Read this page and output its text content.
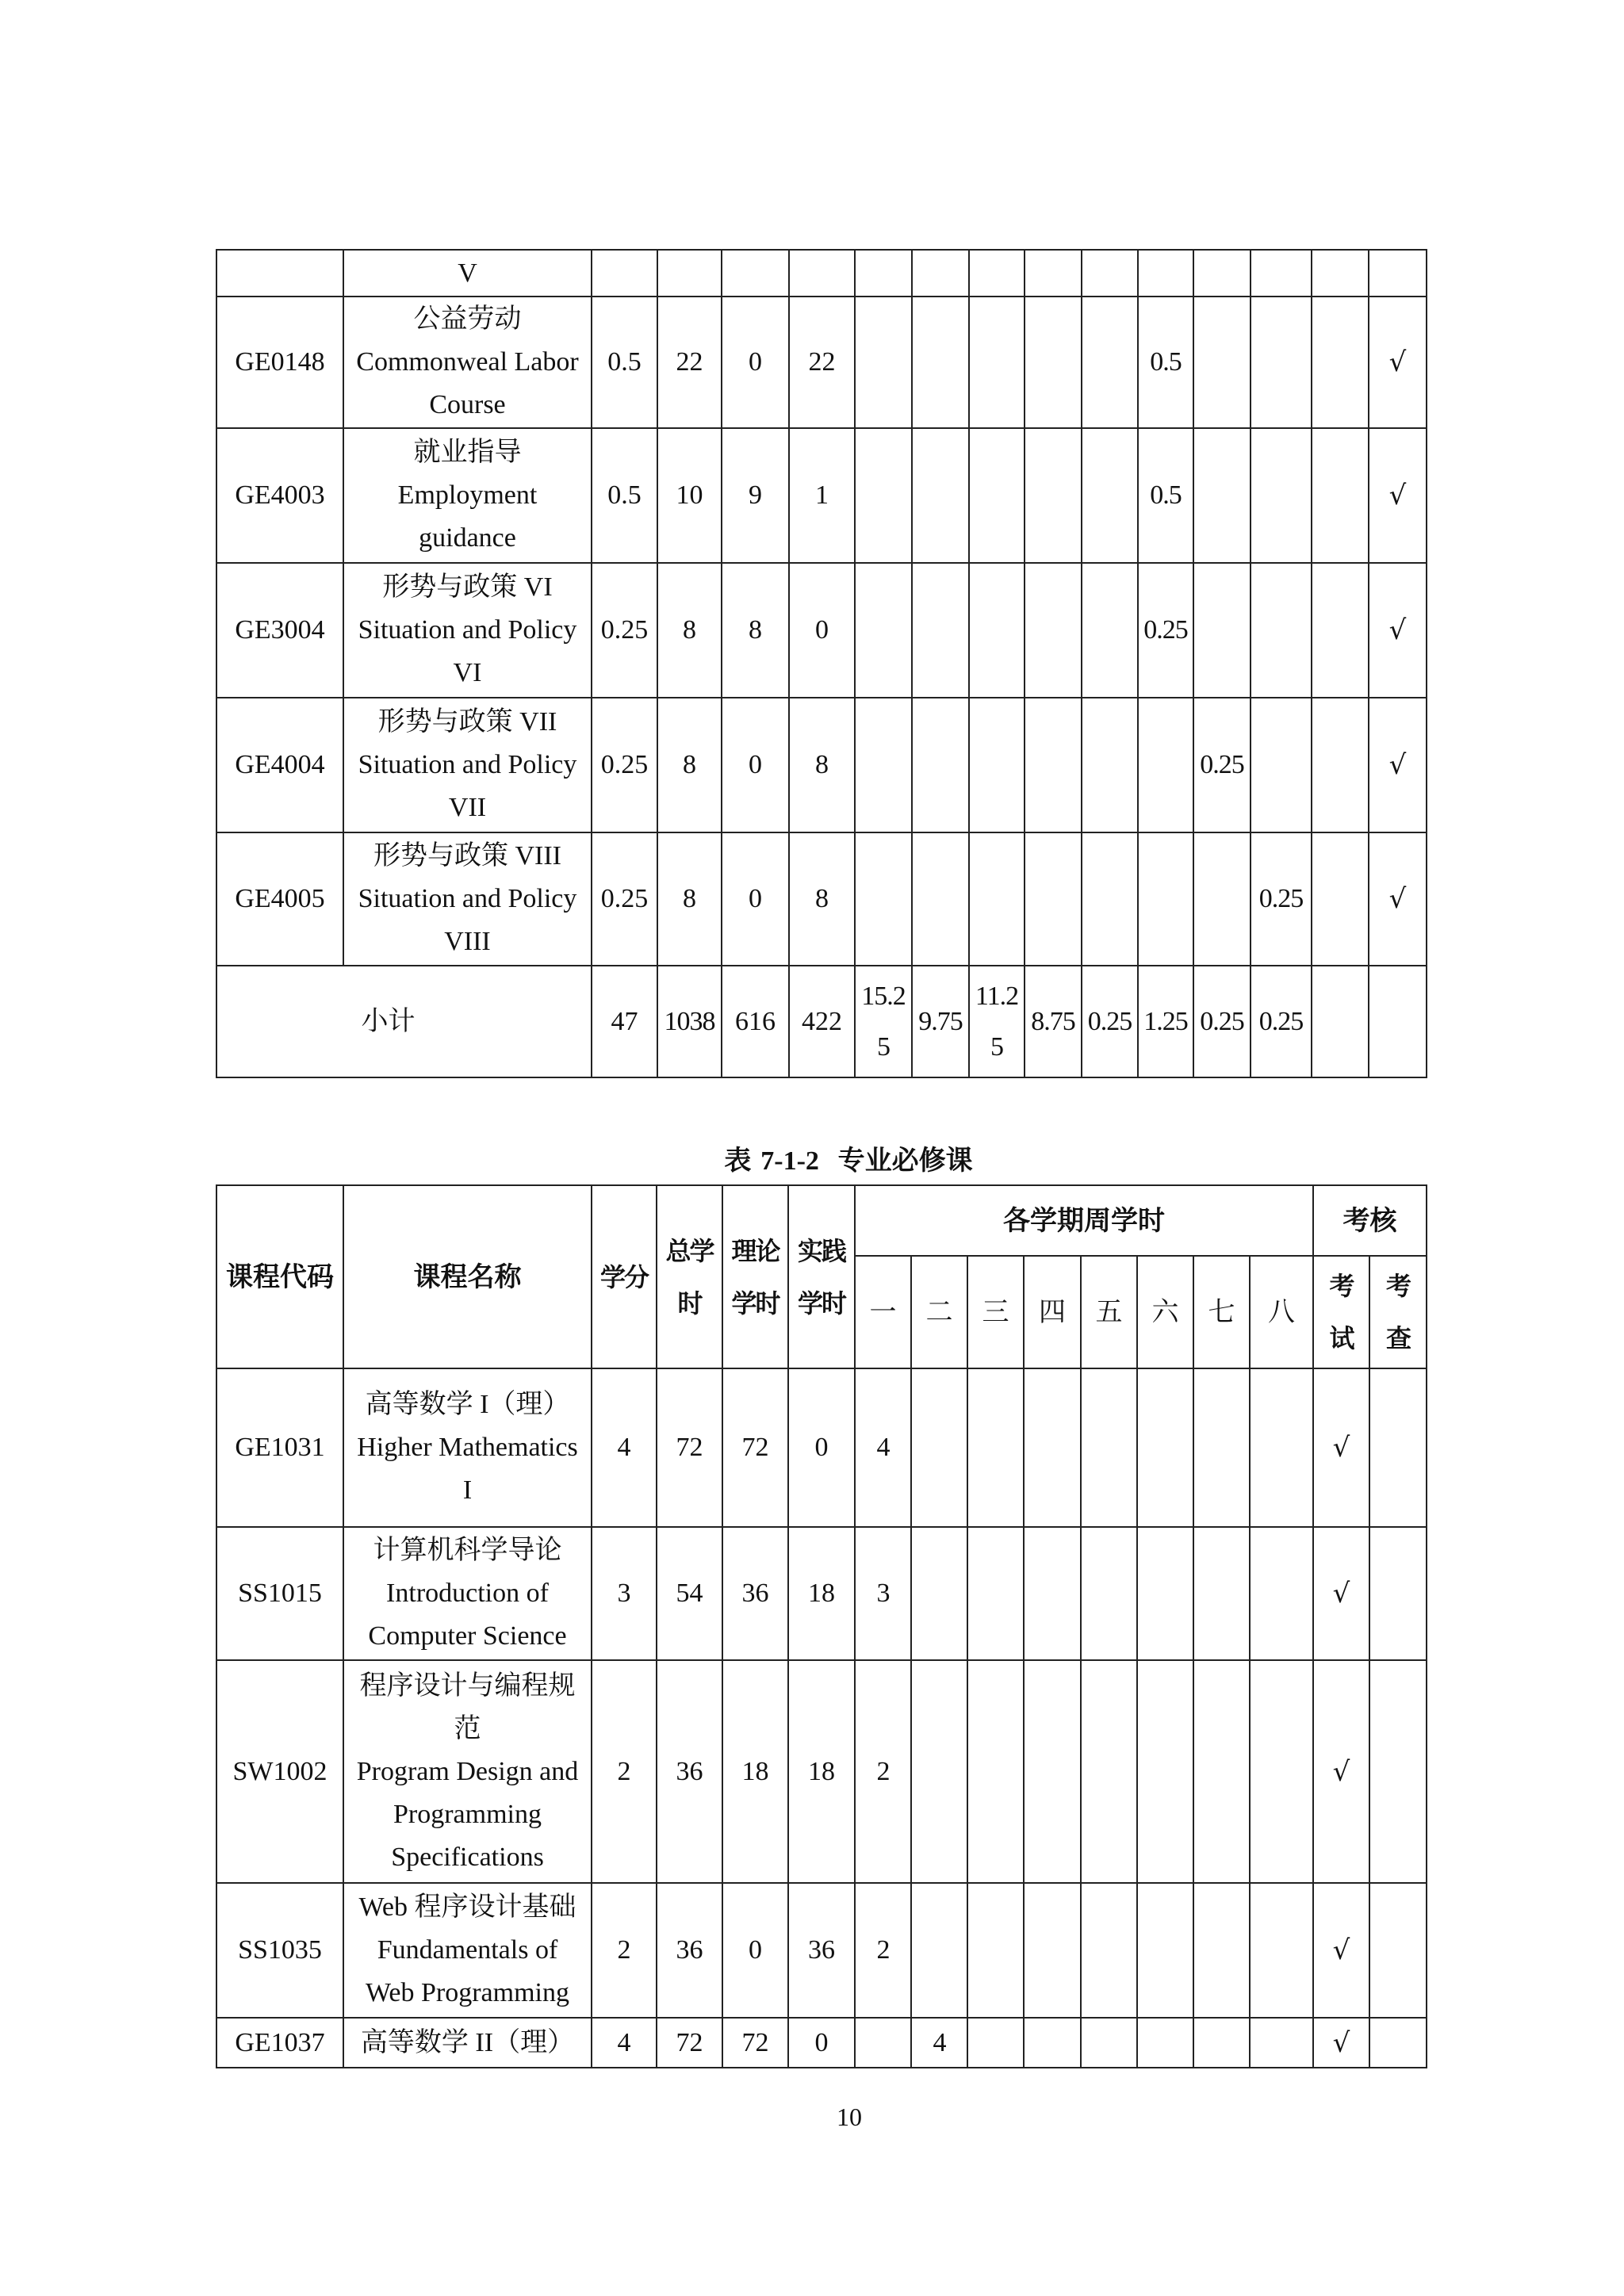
	V														

GE0148	公益劳动
Commonweal Labor
Course	0.5	22	0	22						0.5				√
GE4003	就业指导
Employment
guidance	0.5	10	9	1						0.5				√
GE3004	形势与政策 VI
Situation and Policy
VI	0.25	8	8	0						0.25				√
GE4004	形势与政策 VII
Situation and Policy
VII	0.25	8	0	8							0.25			√
GE4005	形势与政策 VIII
Situation and Policy
VIII	0.25	8	0	8								0.25		√
小计		47	1038	616	422	15.2
5	9.75	11.2
5	8.75	0.25	1.25	0.25	0.25		

表 7-1-2 专业必修课
课程代码	课程名称	学分	总学
时	理论
学时	实践
学时	各学期周学时								考核	
						一	二	三	四	五	六	七	八	考
试	考
查

GE1031	高等数学 I（理）
Higher Mathematics
I	4	72	72	0	4								√	
SS1015	计算机科学导论
Introduction of
Computer Science	3	54	36	18	3								√	
SW1002	程序设计与编程规
范
Program Design and
Programming
Specifications	2	36	18	18	2								√	
SS1035	Web 程序设计基础
Fundamentals of
Web Programming	2	36	0	36	2								√	
GE1037	高等数学 II（理）	4	72	72	0		4							√	
10
